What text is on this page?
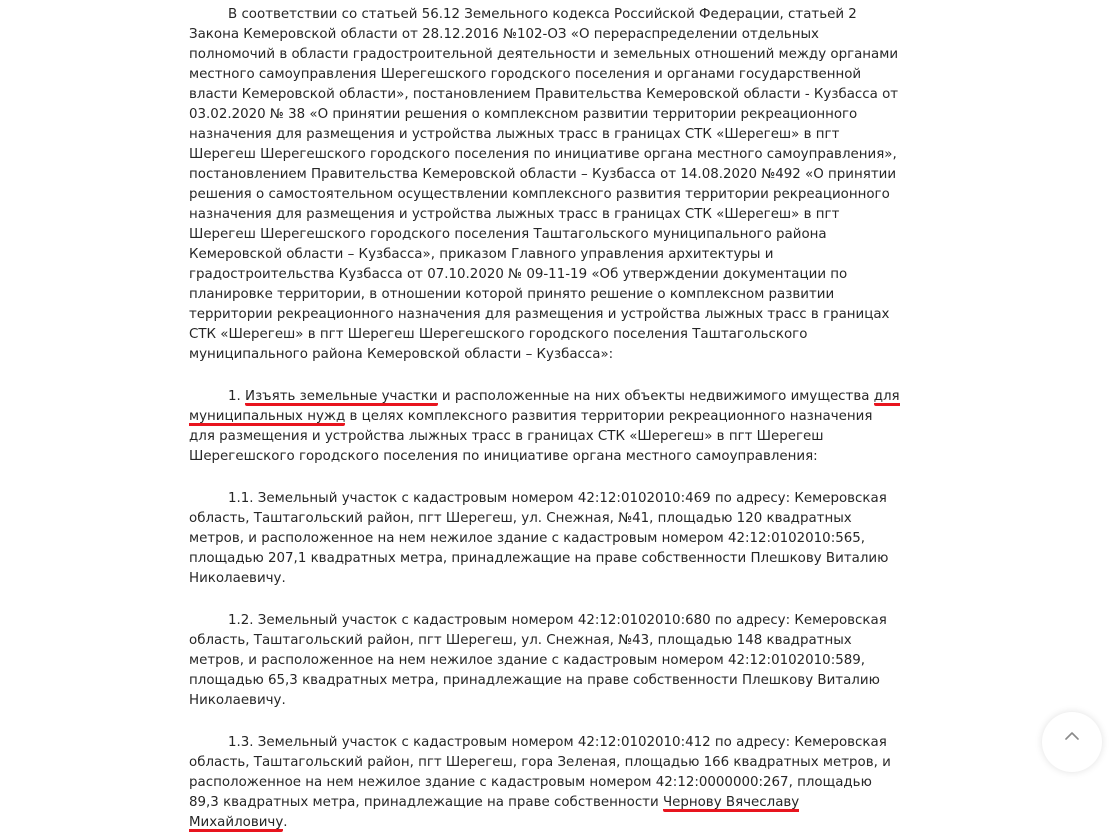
В соответствии со статьей 56.12 Земельного кодекса Российской Федерации, статьей 2 Закона Кемеровской области от 28.12.2016 №102-ОЗ «О перераспределении отдельных полномочий в области градостроительной деятельности и земельных отношений между органами местного самоуправления Шерегешского городского поселения и органами государственной власти Кемеровской области», постановлением Правительства Кемеровской области - Кузбасса от 03.02.2020 № 38 «О принятии решения о комплексном развитии территории рекреационного назначения для размещения и устройства лыжных трасс в границах СТК «Шерегеш» в пгт Шерегеш Шерегешского городского поселения по инициативе органа местного самоуправления», постановлением Правительства Кемеровской области – Кузбасса от 14.08.2020 №492 «О принятии решения о самостоятельном осуществлении комплексного развития территории рекреационного назначения для размещения и устройства лыжных трасс в границах СТК «Шерегеш» в пгт Шерегеш Шерегешского городского поселения Таштагольского муниципального района Кемеровской области – Кузбасса», приказом Главного управления архитектуры и градостроительства Кузбасса от 07.10.2020 № 09-11-19 «Об утверждении документации по планировке территории, в отношении которой принято решение о комплексном развитии территории рекреационного назначения для размещения и устройства лыжных трасс в границах СТК «Шерегеш» в пгт Шерегеш Шерегешского городского поселения Таштагольского муниципального района Кемеровской области – Кузбасса»:

1. Изъять земельные участки и расположенные на них объекты недвижимого имущества для муниципальных нужд в целях комплексного развития территории рекреационного назначения для размещения и устройства лыжных трасс в границах СТК «Шерегеш» в пгт Шерегеш Шерегешского городского поселения по инициативе органа местного самоуправления:

1.1. Земельный участок с кадастровым номером 42:12:0102010:469 по адресу: Кемеровская область, Таштагольский район, пгт Шерегеш, ул. Снежная, №41, площадью 120 квадратных метров, и расположенное на нем нежилое здание с кадастровым номером 42:12:0102010:565, площадью 207,1 квадратных метра, принадлежащие на праве собственности Плешкову Виталию Николаевичу.

1.2. Земельный участок с кадастровым номером 42:12:0102010:680 по адресу: Кемеровская область, Таштагольский район, пгт Шерегеш, ул. Снежная, №43, площадью 148 квадратных метров, и расположенное на нем нежилое здание с кадастровым номером 42:12:0102010:589, площадью 65,3 квадратных метра, принадлежащие на праве собственности Плешкову Виталию Николаевичу.

1.3. Земельный участок с кадастровым номером 42:12:0102010:412 по адресу: Кемеровская область, Таштагольский район, пгт Шерегеш, гора Зеленая, площадью 166 квадратных метров, и расположенное на нем нежилое здание с кадастровым номером 42:12:0000000:267, площадью 89,3 квадратных метра, принадлежащие на праве собственности Чернову Вячеславу Михайловичу.
